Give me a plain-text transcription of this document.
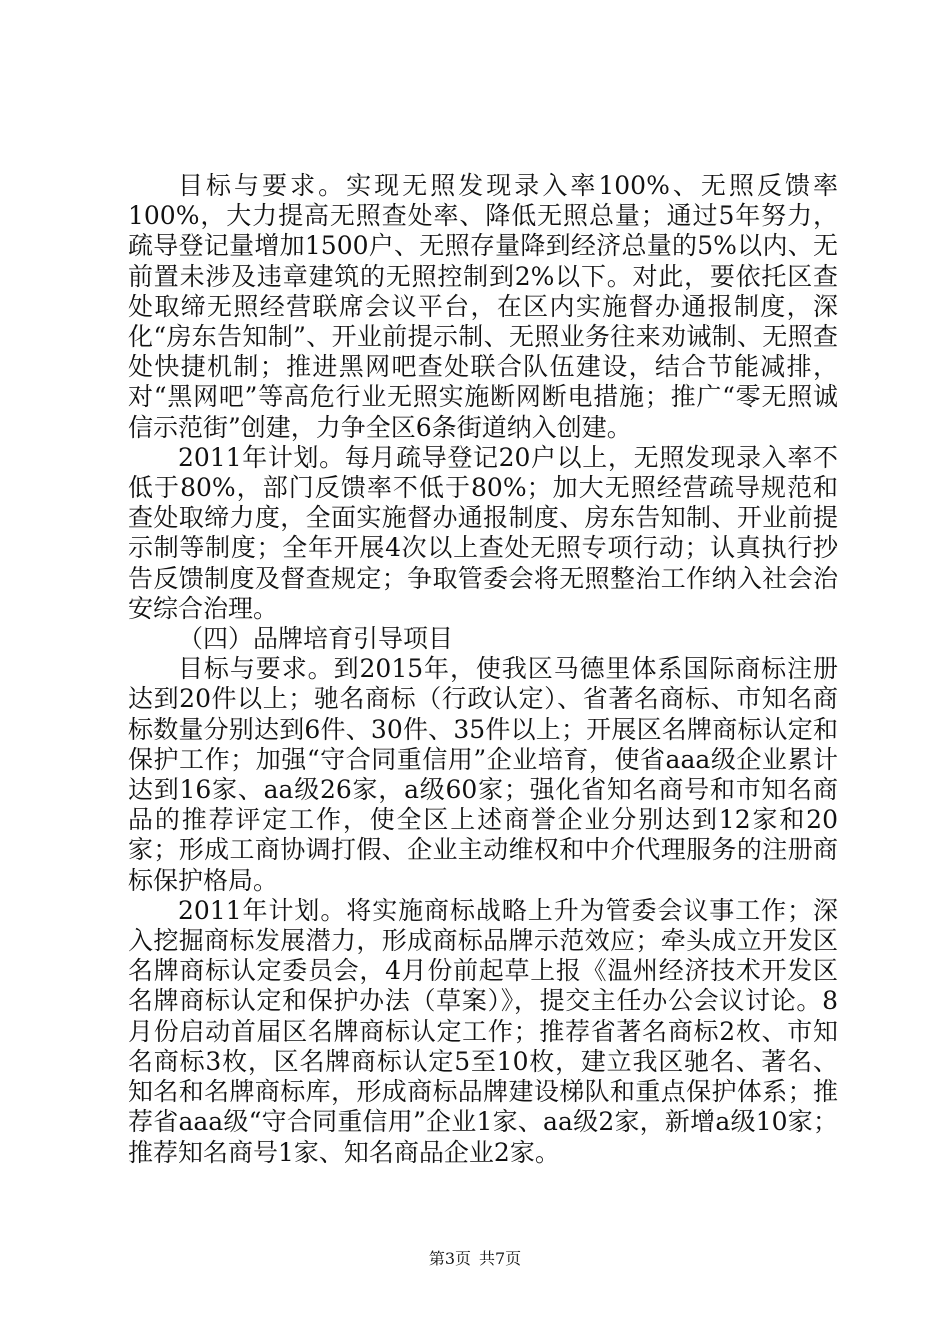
目标与要求。实现无照发现录入率100%、无照反馈率100%，大力提高无照查处率、降低无照总量；通过5年努力，疏导登记量增加1500户、无照存量降到经济总量的5%以内、无前置未涉及违章建筑的无照控制到2%以下。对此，要依托区查处取缔无照经营联席会议平台，在区内实施督办通报制度，深化“房东告知制”、开业前提示制、无照业务往来劝诫制、无照查处快捷机制；推进黑网吧查处联合队伍建设，结合节能减排，对“黑网吧”等高危行业无照实施断网断电措施；推广“零无照诚信示范街”创建，力争全区6条街道纳入创建。

2011年计划。每月疏导登记20户以上，无照发现录入率不低于80%，部门反馈率不低于80%；加大无照经营疏导规范和查处取缔力度，全面实施督办通报制度、房东告知制、开业前提示制等制度；全年开展4次以上查处无照专项行动；认真执行抄告反馈制度及督查规定；争取管委会将无照整治工作纳入社会治安综合治理。

（四）品牌培育引导项目

目标与要求。到2015年，使我区马德里体系国际商标注册达到20件以上；驰名商标（行政认定）、省著名商标、市知名商标数量分别达到6件、30件、35件以上；开展区名牌商标认定和保护工作；加强“守合同重信用”企业培育，使省aaa级企业累计达到16家、aa级26家，a级60家；强化省知名商号和市知名商品的推荐评定工作，使全区上述商誉企业分别达到12家和20家；形成工商协调打假、企业主动维权和中介代理服务的注册商标保护格局。

2011年计划。将实施商标战略上升为管委会议事工作；深入挖掘商标发展潜力，形成商标品牌示范效应；牵头成立开发区名牌商标认定委员会，4月份前起草上报《温州经济技术开发区名牌商标认定和保护办法（草案）》，提交主任办公会议讨论。8月份启动首届区名牌商标认定工作；推荐省著名商标2枚、市知名商标3枚，区名牌商标认定5至10枚，建立我区驰名、著名、知名和名牌商标库，形成商标品牌建设梯队和重点保护体系；推荐省aaa级“守合同重信用”企业1家、aa级2家，新增a级10家；推荐知名商号1家、知名商品企业2家。

第3页 共7页
